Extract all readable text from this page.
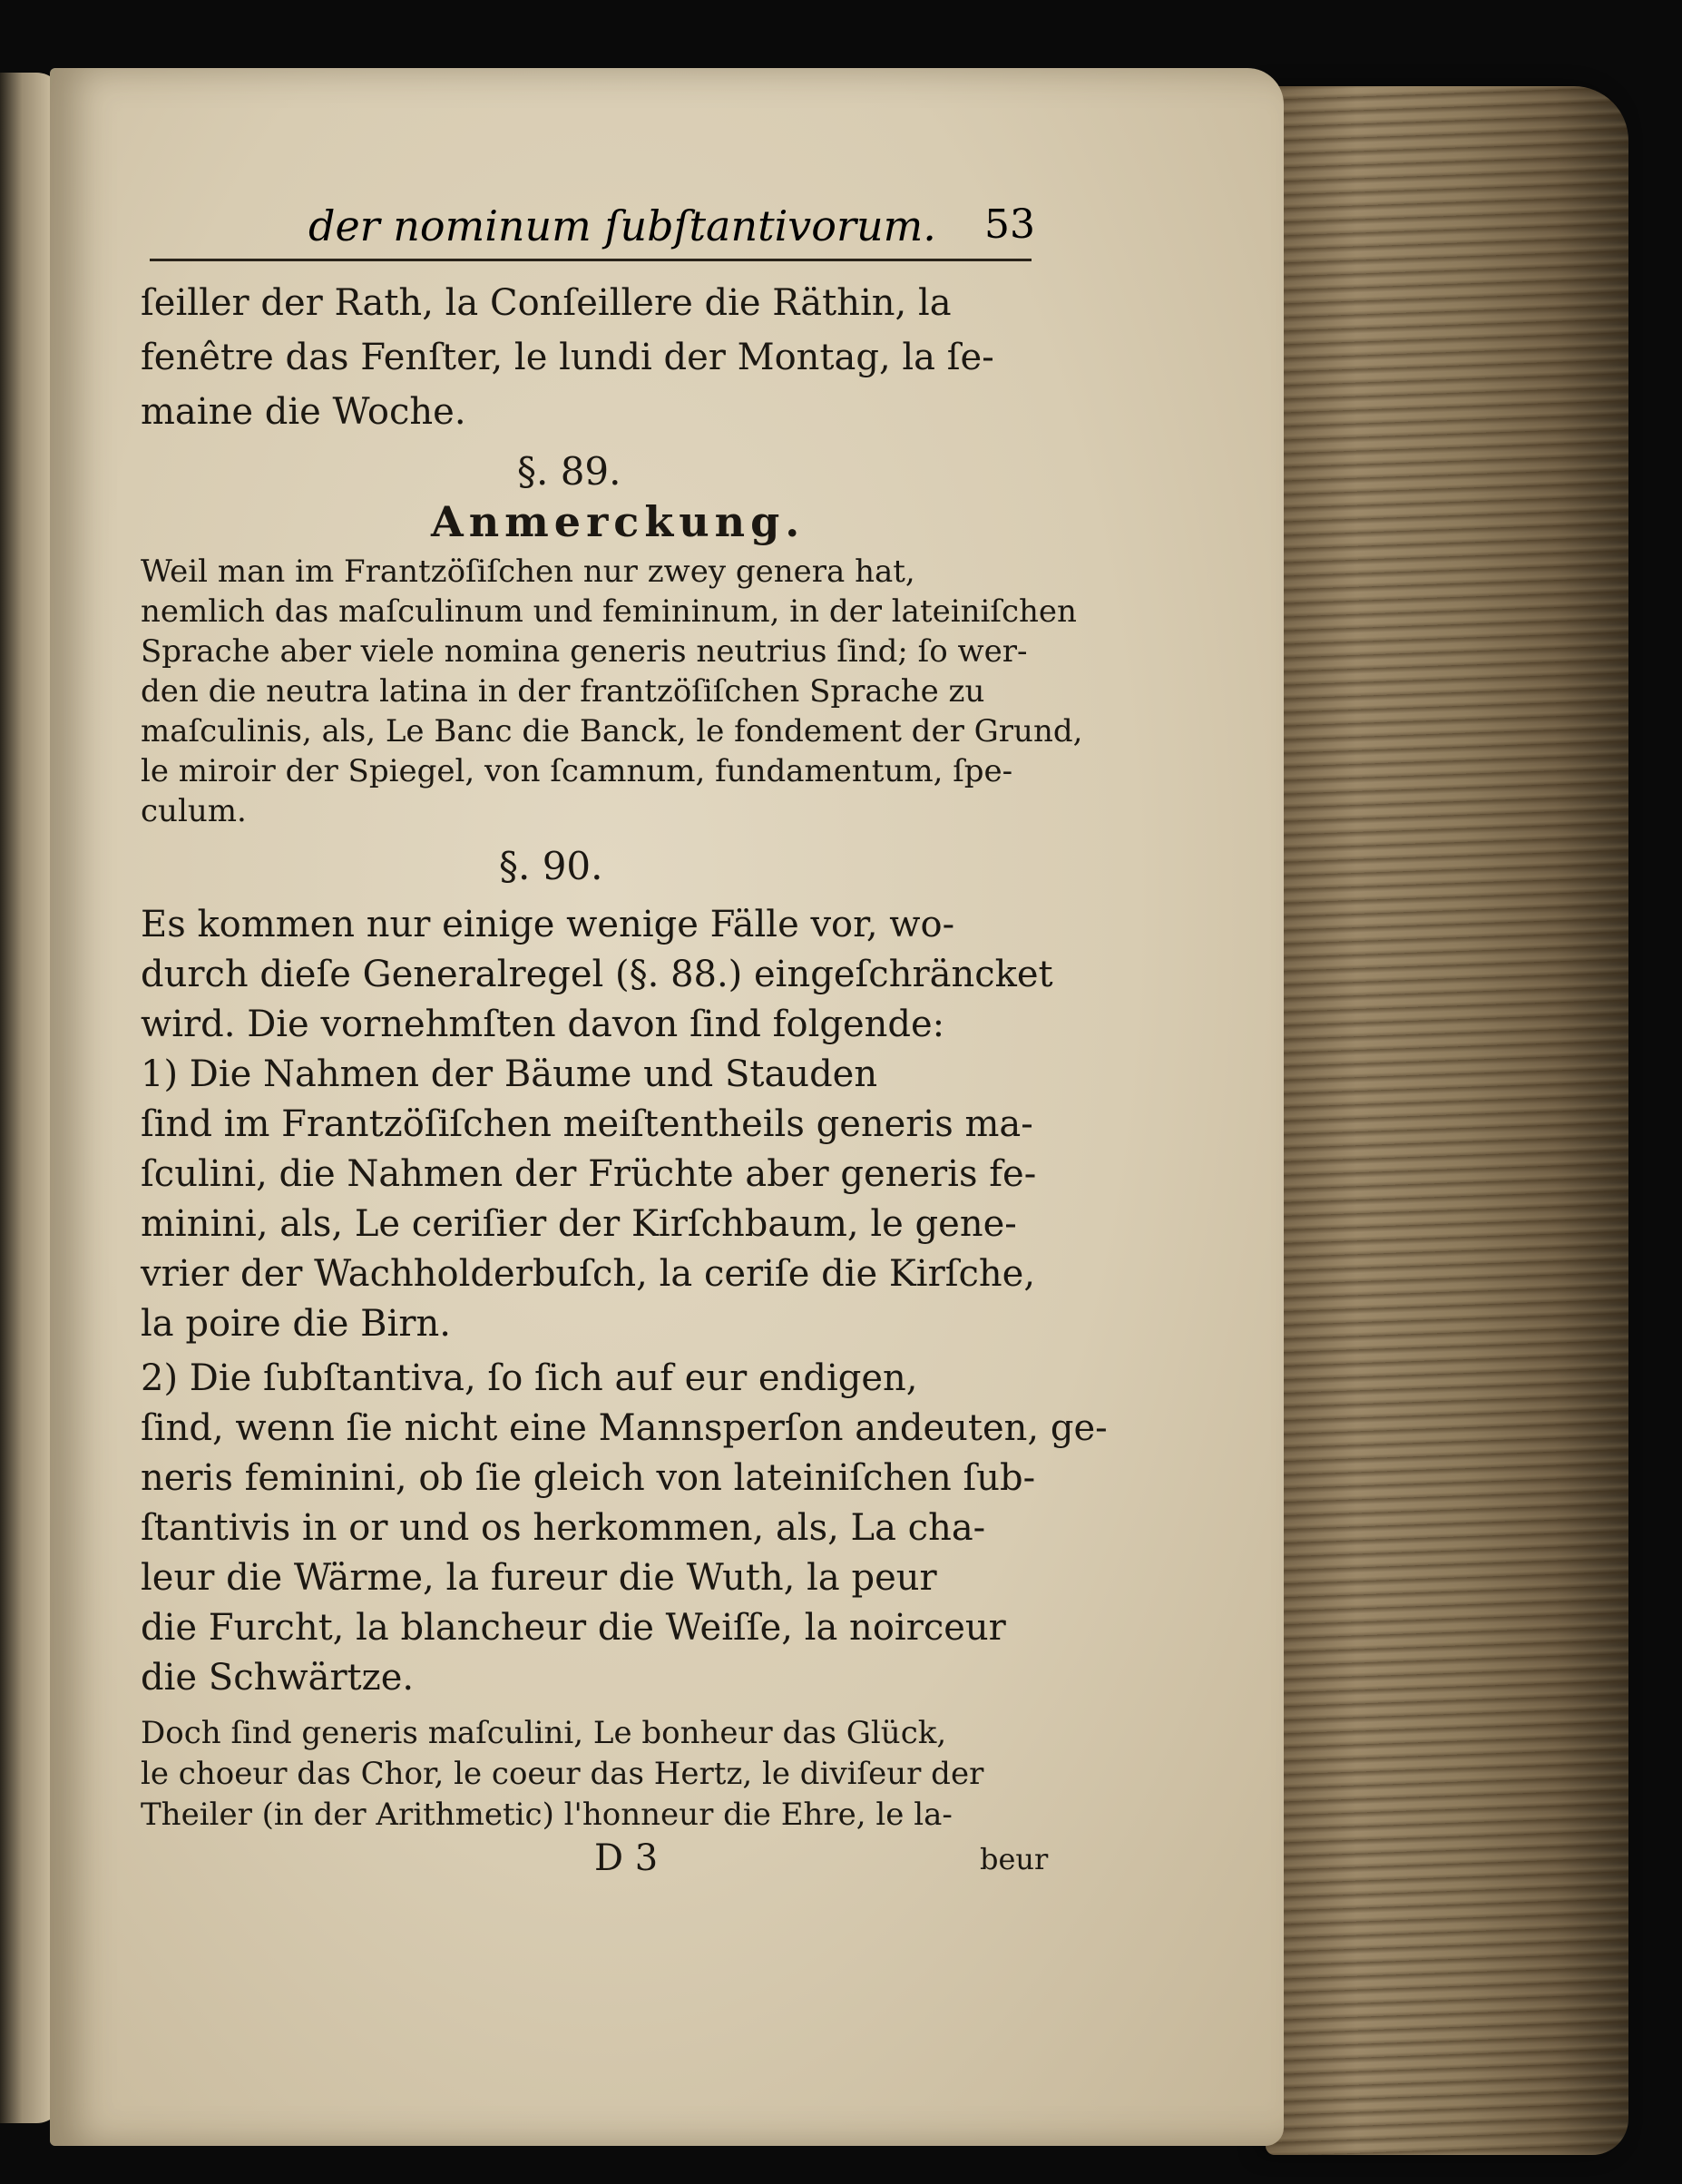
der nominum ſubſtantivorum. 53
ſeiller der Rath, la Conſeillere die Räthin, la
fenêtre das Fenſter, le lundi der Montag, la ſe-
maine die Woche.
§. 89.
Anmerckung.
Weil man im Frantzöſiſchen nur zwey genera hat,
nemlich das maſculinum und femininum, in der lateiniſchen
Sprache aber viele nomina generis neutrius ſind; ſo wer-
den die neutra latina in der frantzöſiſchen Sprache zu
maſculinis, als, Le Banc die Banck, le fondement der Grund,
le miroir der Spiegel, von ſcamnum, fundamentum, ſpe-
culum.
§. 90.
Es kommen nur einige wenige Fälle vor, wo-
durch dieſe Generalregel (§. 88.) eingeſchräncket
wird. Die vornehmſten davon ſind folgende:
1) Die Nahmen der Bäume und Stauden
ſind im Frantzöſiſchen meiſtentheils generis ma-
ſculini, die Nahmen der Früchte aber generis fe-
minini, als, Le ceriſier der Kirſchbaum, le gene-
vrier der Wachholderbuſch, la ceriſe die Kirſche,
la poire die Birn.
2) Die ſubſtantiva, ſo ſich auf eur endigen,
ſind, wenn ſie nicht eine Mannsperſon andeuten, ge-
neris feminini, ob ſie gleich von lateiniſchen ſub-
ſtantivis in or und os herkommen, als, La cha-
leur die Wärme, la fureur die Wuth, la peur
die Furcht, la blancheur die Weiſſe, la noirceur
die Schwärtze.
Doch ſind generis maſculini, Le bonheur das Glück,
le choeur das Chor, le coeur das Hertz, le diviſeur der
Theiler (in der Arithmetic) l'honneur die Ehre, le la-
D 3	beur
